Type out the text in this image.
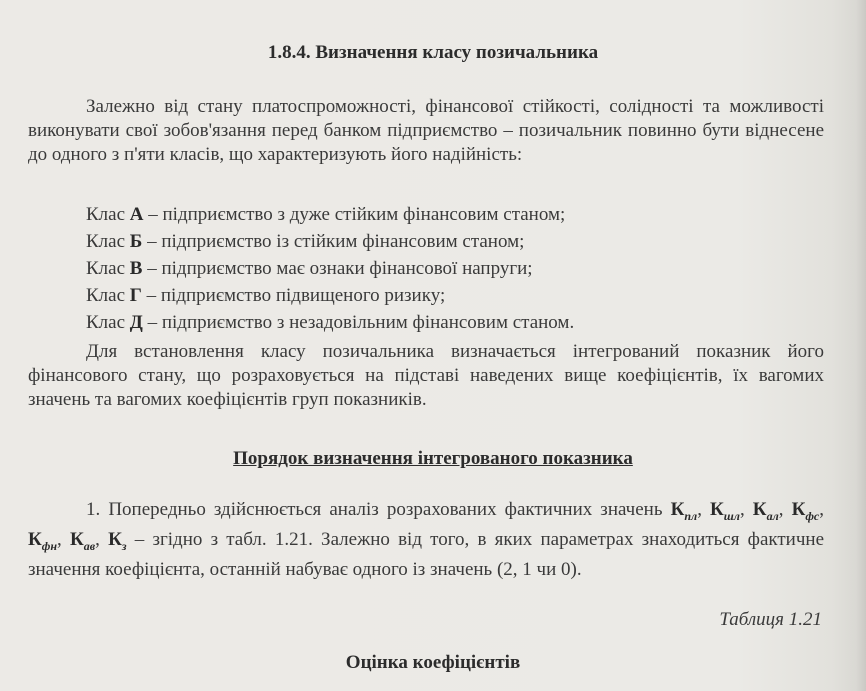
1.8.4. Визначення класу позичальника

Залежно від стану платоспроможності, фінансової стійкості, солідності та можливості виконувати свої зобов'язання перед банком підприємство – позичальник повинно бути віднесене до одного з п'яти класів, що характеризують його надійність:

Клас А – підприємство з дуже стійким фінансовим станом;

Клас Б – підприємство із стійким фінансовим станом;

Клас В – підприємство має ознаки фінансової напруги;

Клас Г – підприємство підвищеного ризику;

Клас Д – підприємство з незадовільним фінансовим станом.

Для встановлення класу позичальника визначається інтегрований показник його фінансового стану, що розраховується на підставі наведених вище коефіцієнтів, їх вагомих значень та вагомих коефіцієнтів груп показників.

Порядок визначення інтегрованого показника

1. Попередньо здійснюється аналіз розрахованих фактичних значень $К_{пл}$, $К_{шл}$, $К_{ал}$, $К_{фс}$, $К_{фн}$, $К_{ав}$, $К_з$ – згідно з табл. 1.21. Залежно від того, в яких параметрах знаходиться фактичне значення коефіцієнта, останній набуває одного із значень (2, 1 чи 0).

Таблиця 1.21

Оцінка коефіцієнтів
